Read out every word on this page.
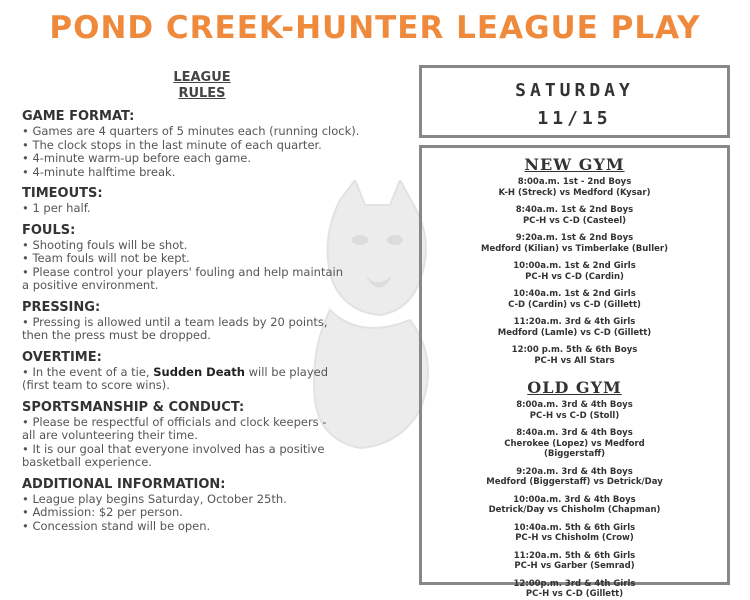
POND CREEK-HUNTER LEAGUE PLAY
LEAGUE
RULES
GAME FORMAT:
• Games are 4 quarters of 5 minutes each (running clock).
• The clock stops in the last minute of each quarter.
• 4-minute warm-up before each game.
• 4-minute halftime break.
TIMEOUTS:
• 1 per half.
FOULS:
• Shooting fouls will be shot.
• Team fouls will not be kept.
• Please control your players' fouling and help maintain
a positive environment.
PRESSING:
• Pressing is allowed until a team leads by 20 points,
then the press must be dropped.
OVERTIME:
• In the event of a tie, Sudden Death will be played
(first team to score wins).
SPORTSMANSHIP & CONDUCT:
• Please be respectful of officials and clock keepers -
all are volunteering their time.
• It is our goal that everyone involved has a positive
basketball experience.
ADDITIONAL INFORMATION:
• League play begins Saturday, October 25th.
• Admission: $2 per person.
• Concession stand will be open.
SATURDAY
11/15
NEW GYM
8:00a.m. 1st - 2nd Boys
K-H (Streck) vs Medford (Kysar)
8:40a.m. 1st & 2nd Boys
PC-H vs C-D (Casteel)
9:20a.m. 1st & 2nd Boys
Medford (Kilian) vs Timberlake (Buller)
10:00a.m. 1st & 2nd Girls
PC-H vs C-D (Cardin)
10:40a.m. 1st & 2nd Girls
C-D (Cardin) vs C-D (Gillett)
11:20a.m. 3rd & 4th Girls
Medford (Lamle) vs C-D (Gillett)
12:00 p.m. 5th & 6th Boys
PC-H vs All Stars
OLD GYM
8:00a.m. 3rd & 4th Boys
PC-H vs C-D (Stoll)
8:40a.m. 3rd & 4th Boys
Cherokee (Lopez) vs Medford
(Biggerstaff)
9:20a.m. 3rd & 4th Boys
Medford (Biggerstaff) vs Detrick/Day
10:00a.m. 3rd & 4th Boys
Detrick/Day vs Chisholm (Chapman)
10:40a.m. 5th & 6th Girls
PC-H vs Chisholm (Crow)
11:20a.m. 5th & 6th Girls
PC-H vs Garber (Semrad)
12:00p.m. 3rd & 4th Girls
PC-H vs C-D (Gillett)
